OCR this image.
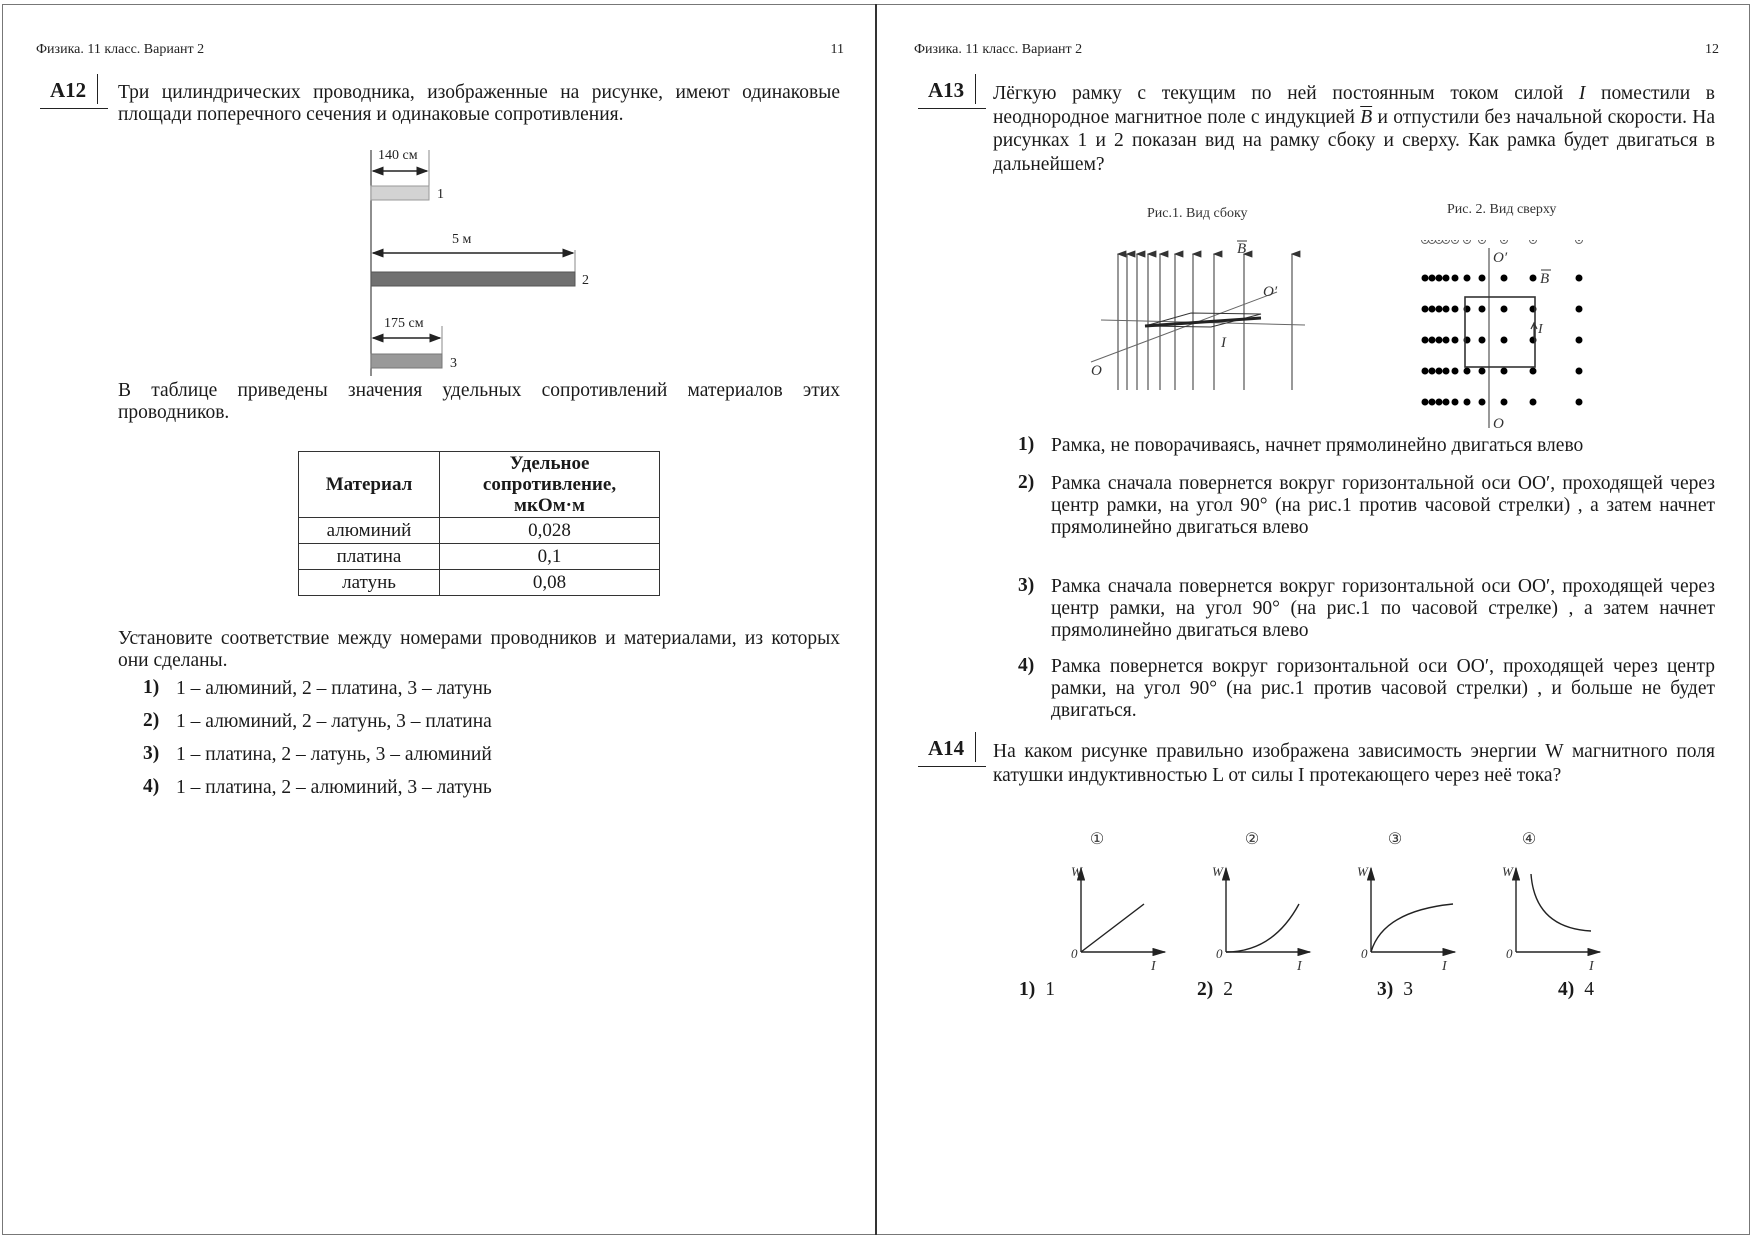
Физика. 11 класс. Вариант 2	11
A12 Три цилиндрических проводника, изображенные на рисунке, имеют одинаковые площади поперечного сечения и одинаковые сопротивления.
140 см
1
5 м
2
175 см
3
В таблице приведены значения удельных сопротивлений материалов этих проводников.
Материал	Удельное
сопротивление,
мкОм·м

алюминий	0,028
платина	0,1
латунь	0,08
Установите соответствие между номерами проводников и материалами, из которых они сделаны.
1) 1 – алюминий, 2 – платина, 3 – латунь
2) 1 – алюминий, 2 – латунь, 3 – платина
3) 1 – платина, 2 – латунь, 3 – алюминий
4) 1 – платина, 2 – алюминий, 3 – латунь
Физика. 11 класс. Вариант 2	12
A13 Лёгкую рамку с текущим по ней постоянным током силой I поместили в неоднородное магнитное поле с индукцией $\overline{B}$ и отпустили без начальной скорости. На рисунках 1 и 2 показан вид на рамку сбоку и сверху. Как рамка будет двигаться в дальнейшем?
Рис.1. Вид сбоку	Рис. 2. Вид сверху
O
O′
I
B
O′
O
I
B
1) Рамка, не поворачиваясь, начнет прямолинейно двигаться влево
2) Рамка сначала повернется вокруг горизонтальной оси OO′, проходящей через центр рамки, на угол 90° (на рис.1 против часовой стрелки) , а затем начнет прямолинейно двигаться влево
3) Рамка сначала повернется вокруг горизонтальной оси OO′, проходящей через центр рамки, на угол 90° (на рис.1 по часовой стрелке) , а затем начнет прямолинейно двигаться влево
4) Рамка повернется вокруг горизонтальной оси OO′, проходящей через центр рамки, на угол 90° (на рис.1 против часовой стрелки) , и больше не будет двигаться.
A14 На каком рисунке правильно изображена зависимость энергии W магнитного поля катушки индуктивностью L от силы I протекающего через неё тока?
①
W
0
I
②
W
0
I
③
W
0
I
④
W
0
I
1) 1	2) 2	3) 3	4) 4
